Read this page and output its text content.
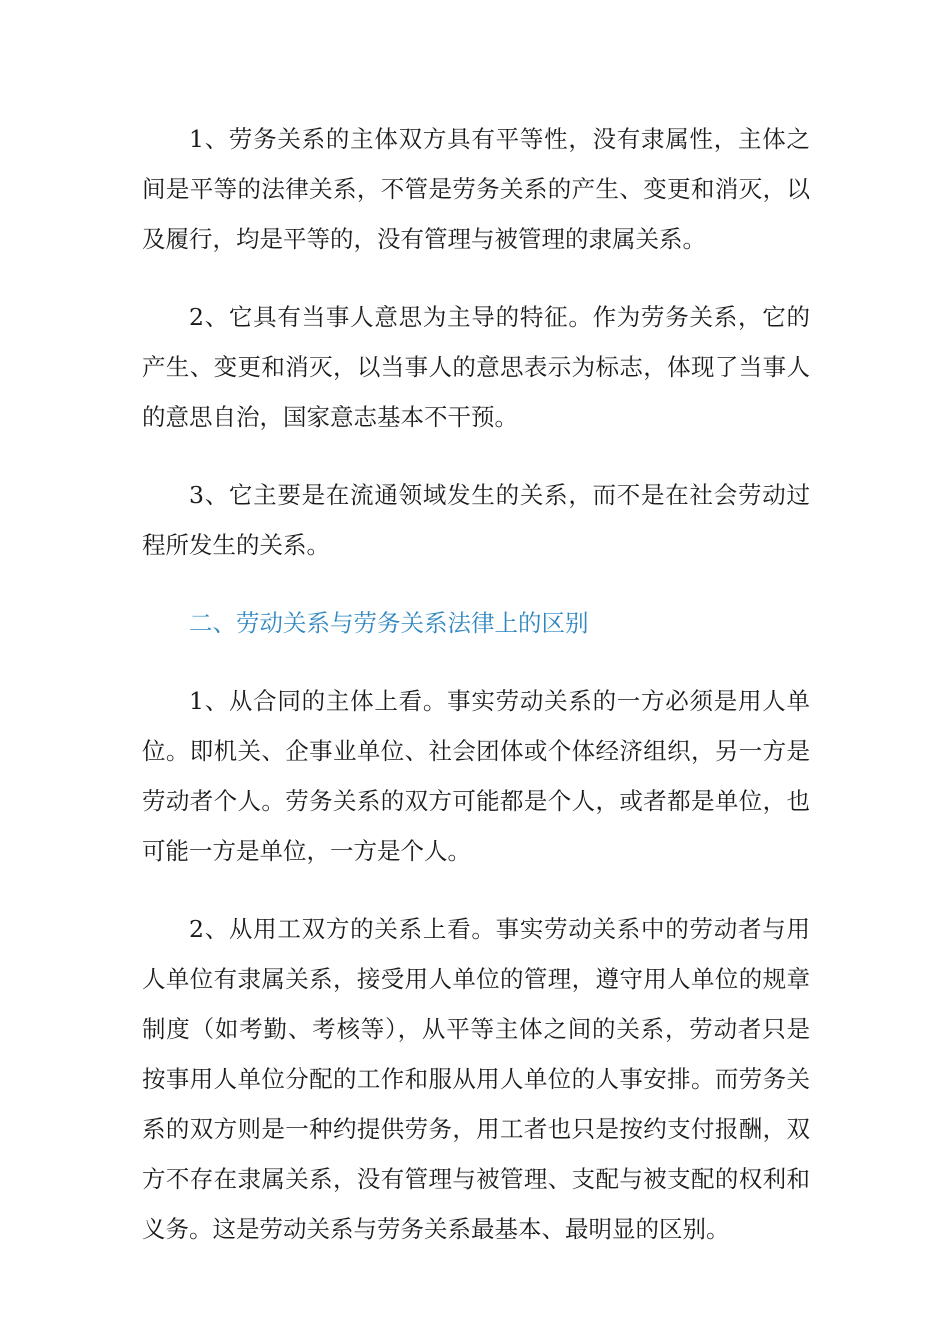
1、劳务关系的主体双方具有平等性，没有隶属性，主体之间是平等的法律关系，不管是劳务关系的产生、变更和消灭，以及履行，均是平等的，没有管理与被管理的隶属关系。

2、它具有当事人意思为主导的特征。作为劳务关系，它的产生、变更和消灭，以当事人的意思表示为标志，体现了当事人的意思自治，国家意志基本不干预。

3、它主要是在流通领域发生的关系，而不是在社会劳动过程所发生的关系。

二、劳动关系与劳务关系法律上的区别

1、从合同的主体上看。事实劳动关系的一方必须是用人单位。即机关、企事业单位、社会团体或个体经济组织，另一方是劳动者个人。劳务关系的双方可能都是个人，或者都是单位，也可能一方是单位，一方是个人。

2、从用工双方的关系上看。事实劳动关系中的劳动者与用人单位有隶属关系，接受用人单位的管理，遵守用人单位的规章制度（如考勤、考核等），从平等主体之间的关系，劳动者只是按事用人单位分配的工作和服从用人单位的人事安排。而劳务关系的双方则是一种约提供劳务，用工者也只是按约支付报酬，双方不存在隶属关系，没有管理与被管理、支配与被支配的权利和义务。这是劳动关系与劳务关系最基本、最明显的区别。
